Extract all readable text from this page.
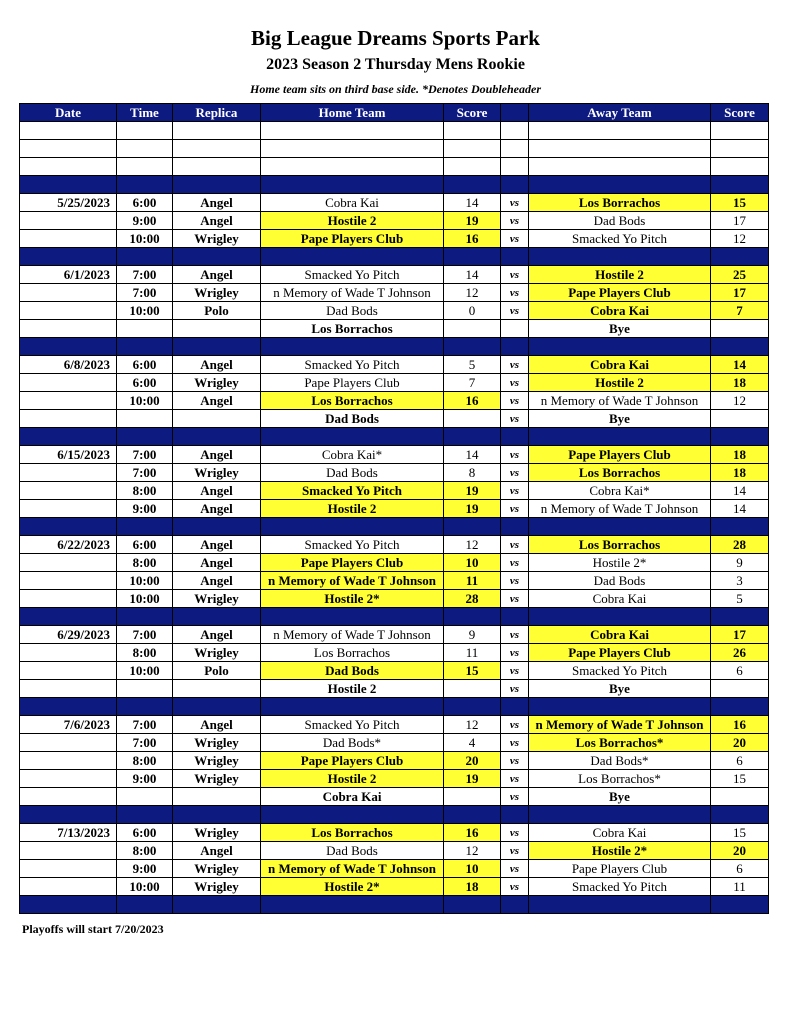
Big League Dreams Sports Park
2023 Season 2 Thursday Mens Rookie
Home team sits on third base side. *Denotes Doubleheader
Date	Time	Replica	Home Team	Score		Away Team	Score

5/25/2023	6:00	Angel	Cobra Kai	14	vs	Los Borrachos	15
	9:00	Angel	Hostile 2	19	vs	Dad Bods	17
	10:00	Wrigley	Pape Players Club	16	vs	Smacked Yo Pitch	12

6/1/2023	7:00	Angel	Smacked Yo Pitch	14	vs	Hostile 2	25
	7:00	Wrigley	n Memory of Wade T Johnson	12	vs	Pape Players Club	17
	10:00	Polo	Dad Bods	0	vs	Cobra Kai	7
			Los Borrachos			Bye	

6/8/2023	6:00	Angel	Smacked Yo Pitch	5	vs	Cobra Kai	14
	6:00	Wrigley	Pape Players Club	7	vs	Hostile 2	18
	10:00	Angel	Los Borrachos	16	vs	n Memory of Wade T Johnson	12
			Dad Bods		vs	Bye	

6/15/2023	7:00	Angel	Cobra Kai*	14	vs	Pape Players Club	18
	7:00	Wrigley	Dad Bods	8	vs	Los Borrachos	18
	8:00	Angel	Smacked Yo Pitch	19	vs	Cobra Kai*	14
	9:00	Angel	Hostile 2	19	vs	n Memory of Wade T Johnson	14

6/22/2023	6:00	Angel	Smacked Yo Pitch	12	vs	Los Borrachos	28
	8:00	Angel	Pape Players Club	10	vs	Hostile 2*	9
	10:00	Angel	n Memory of Wade T Johnson	11	vs	Dad Bods	3
	10:00	Wrigley	Hostile 2*	28	vs	Cobra Kai	5

6/29/2023	7:00	Angel	n Memory of Wade T Johnson	9	vs	Cobra Kai	17
	8:00	Wrigley	Los Borrachos	11	vs	Pape Players Club	26
	10:00	Polo	Dad Bods	15	vs	Smacked Yo Pitch	6
			Hostile 2		vs	Bye	

7/6/2023	7:00	Angel	Smacked Yo Pitch	12	vs	n Memory of Wade T Johnson	16
	7:00	Wrigley	Dad Bods*	4	vs	Los Borrachos*	20
	8:00	Wrigley	Pape Players Club	20	vs	Dad Bods*	6
	9:00	Wrigley	Hostile 2	19	vs	Los Borrachos*	15
			Cobra Kai		vs	Bye	

7/13/2023	6:00	Wrigley	Los Borrachos	16	vs	Cobra Kai	15
	8:00	Angel	Dad Bods	12	vs	Hostile 2*	20
	9:00	Wrigley	n Memory of Wade T Johnson	10	vs	Pape Players Club	6
	10:00	Wrigley	Hostile 2*	18	vs	Smacked Yo Pitch	11

Playoffs will start 7/20/2023
